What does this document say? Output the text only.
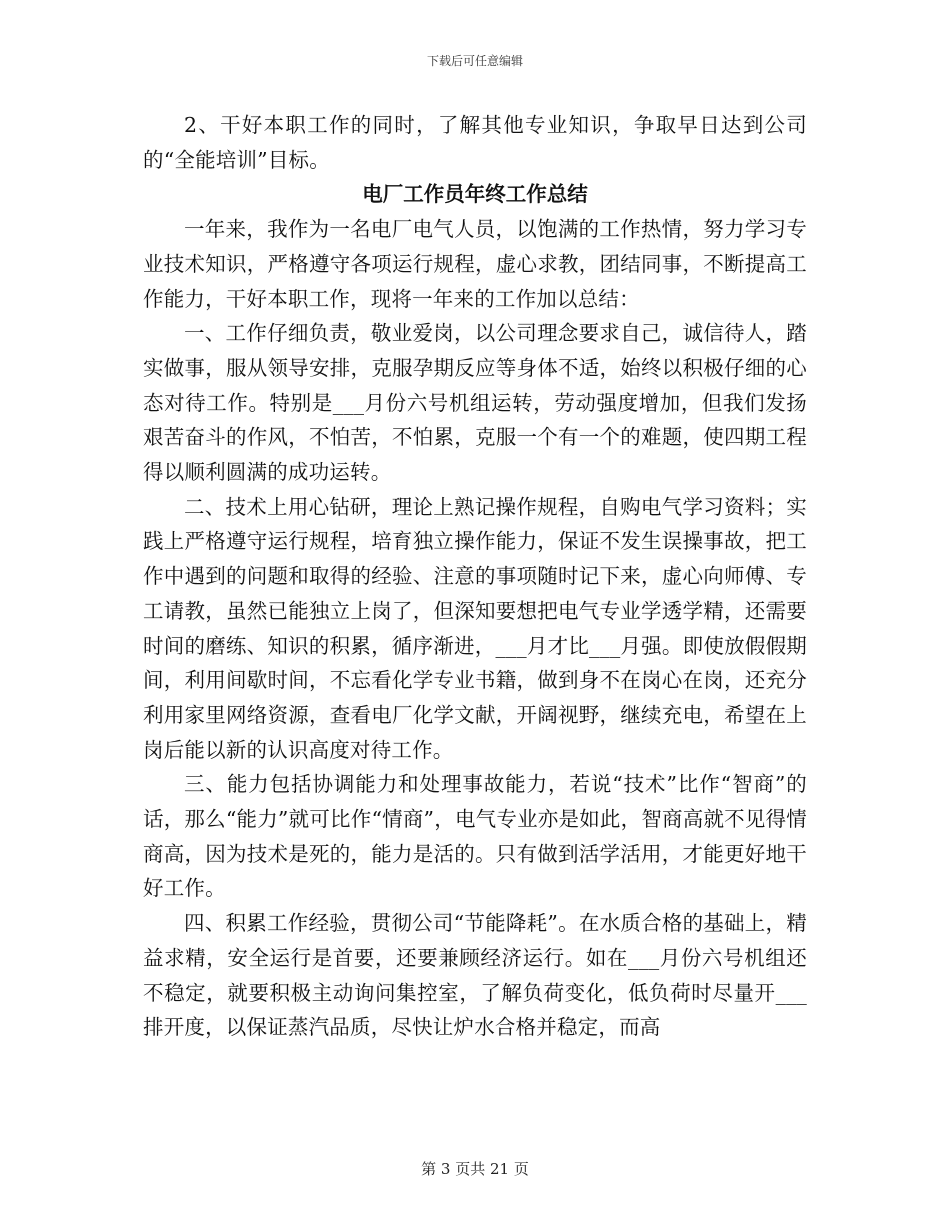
下载后可任意编辑

2、干好本职工作的同时，了解其他专业知识，争取早日达到公司的“全能培训”目标。

电厂工作员年终工作总结

一年来，我作为一名电厂电气人员，以饱满的工作热情，努力学习专业技术知识，严格遵守各项运行规程，虚心求教，团结同事，不断提高工作能力，干好本职工作，现将一年来的工作加以总结：

一、工作仔细负责，敬业爱岗，以公司理念要求自己，诚信待人，踏实做事，服从领导安排，克服孕期反应等身体不适，始终以积极仔细的心态对待工作。特别是___月份六号机组运转，劳动强度增加，但我们发扬艰苦奋斗的作风，不怕苦，不怕累，克服一个有一个的难题，使四期工程得以顺利圆满的成功运转。

二、技术上用心钻研，理论上熟记操作规程，自购电气学习资料；实践上严格遵守运行规程，培育独立操作能力，保证不发生误操事故，把工作中遇到的问题和取得的经验、注意的事项随时记下来，虚心向师傅、专工请教，虽然已能独立上岗了，但深知要想把电气专业学透学精，还需要时间的磨练、知识的积累，循序渐进，___月才比___月强。即使放假假期间，利用间歇时间，不忘看化学专业书籍，做到身不在岗心在岗，还充分利用家里网络资源，查看电厂化学文献，开阔视野，继续充电，希望在上岗后能以新的认识高度对待工作。

三、能力包括协调能力和处理事故能力，若说“技术”比作“智商”的话，那么“能力”就可比作“情商”，电气专业亦是如此，智商高就不见得情商高，因为技术是死的，能力是活的。只有做到活学活用，才能更好地干好工作。

四、积累工作经验，贯彻公司“节能降耗”。在水质合格的基础上，精益求精，安全运行是首要，还要兼顾经济运行。如在___月份六号机组还不稳定，就要积极主动询问集控室，了解负荷变化，低负荷时尽量开___排开度，以保证蒸汽品质，尽快让炉水合格并稳定，而高

第 3 页共 21 页
